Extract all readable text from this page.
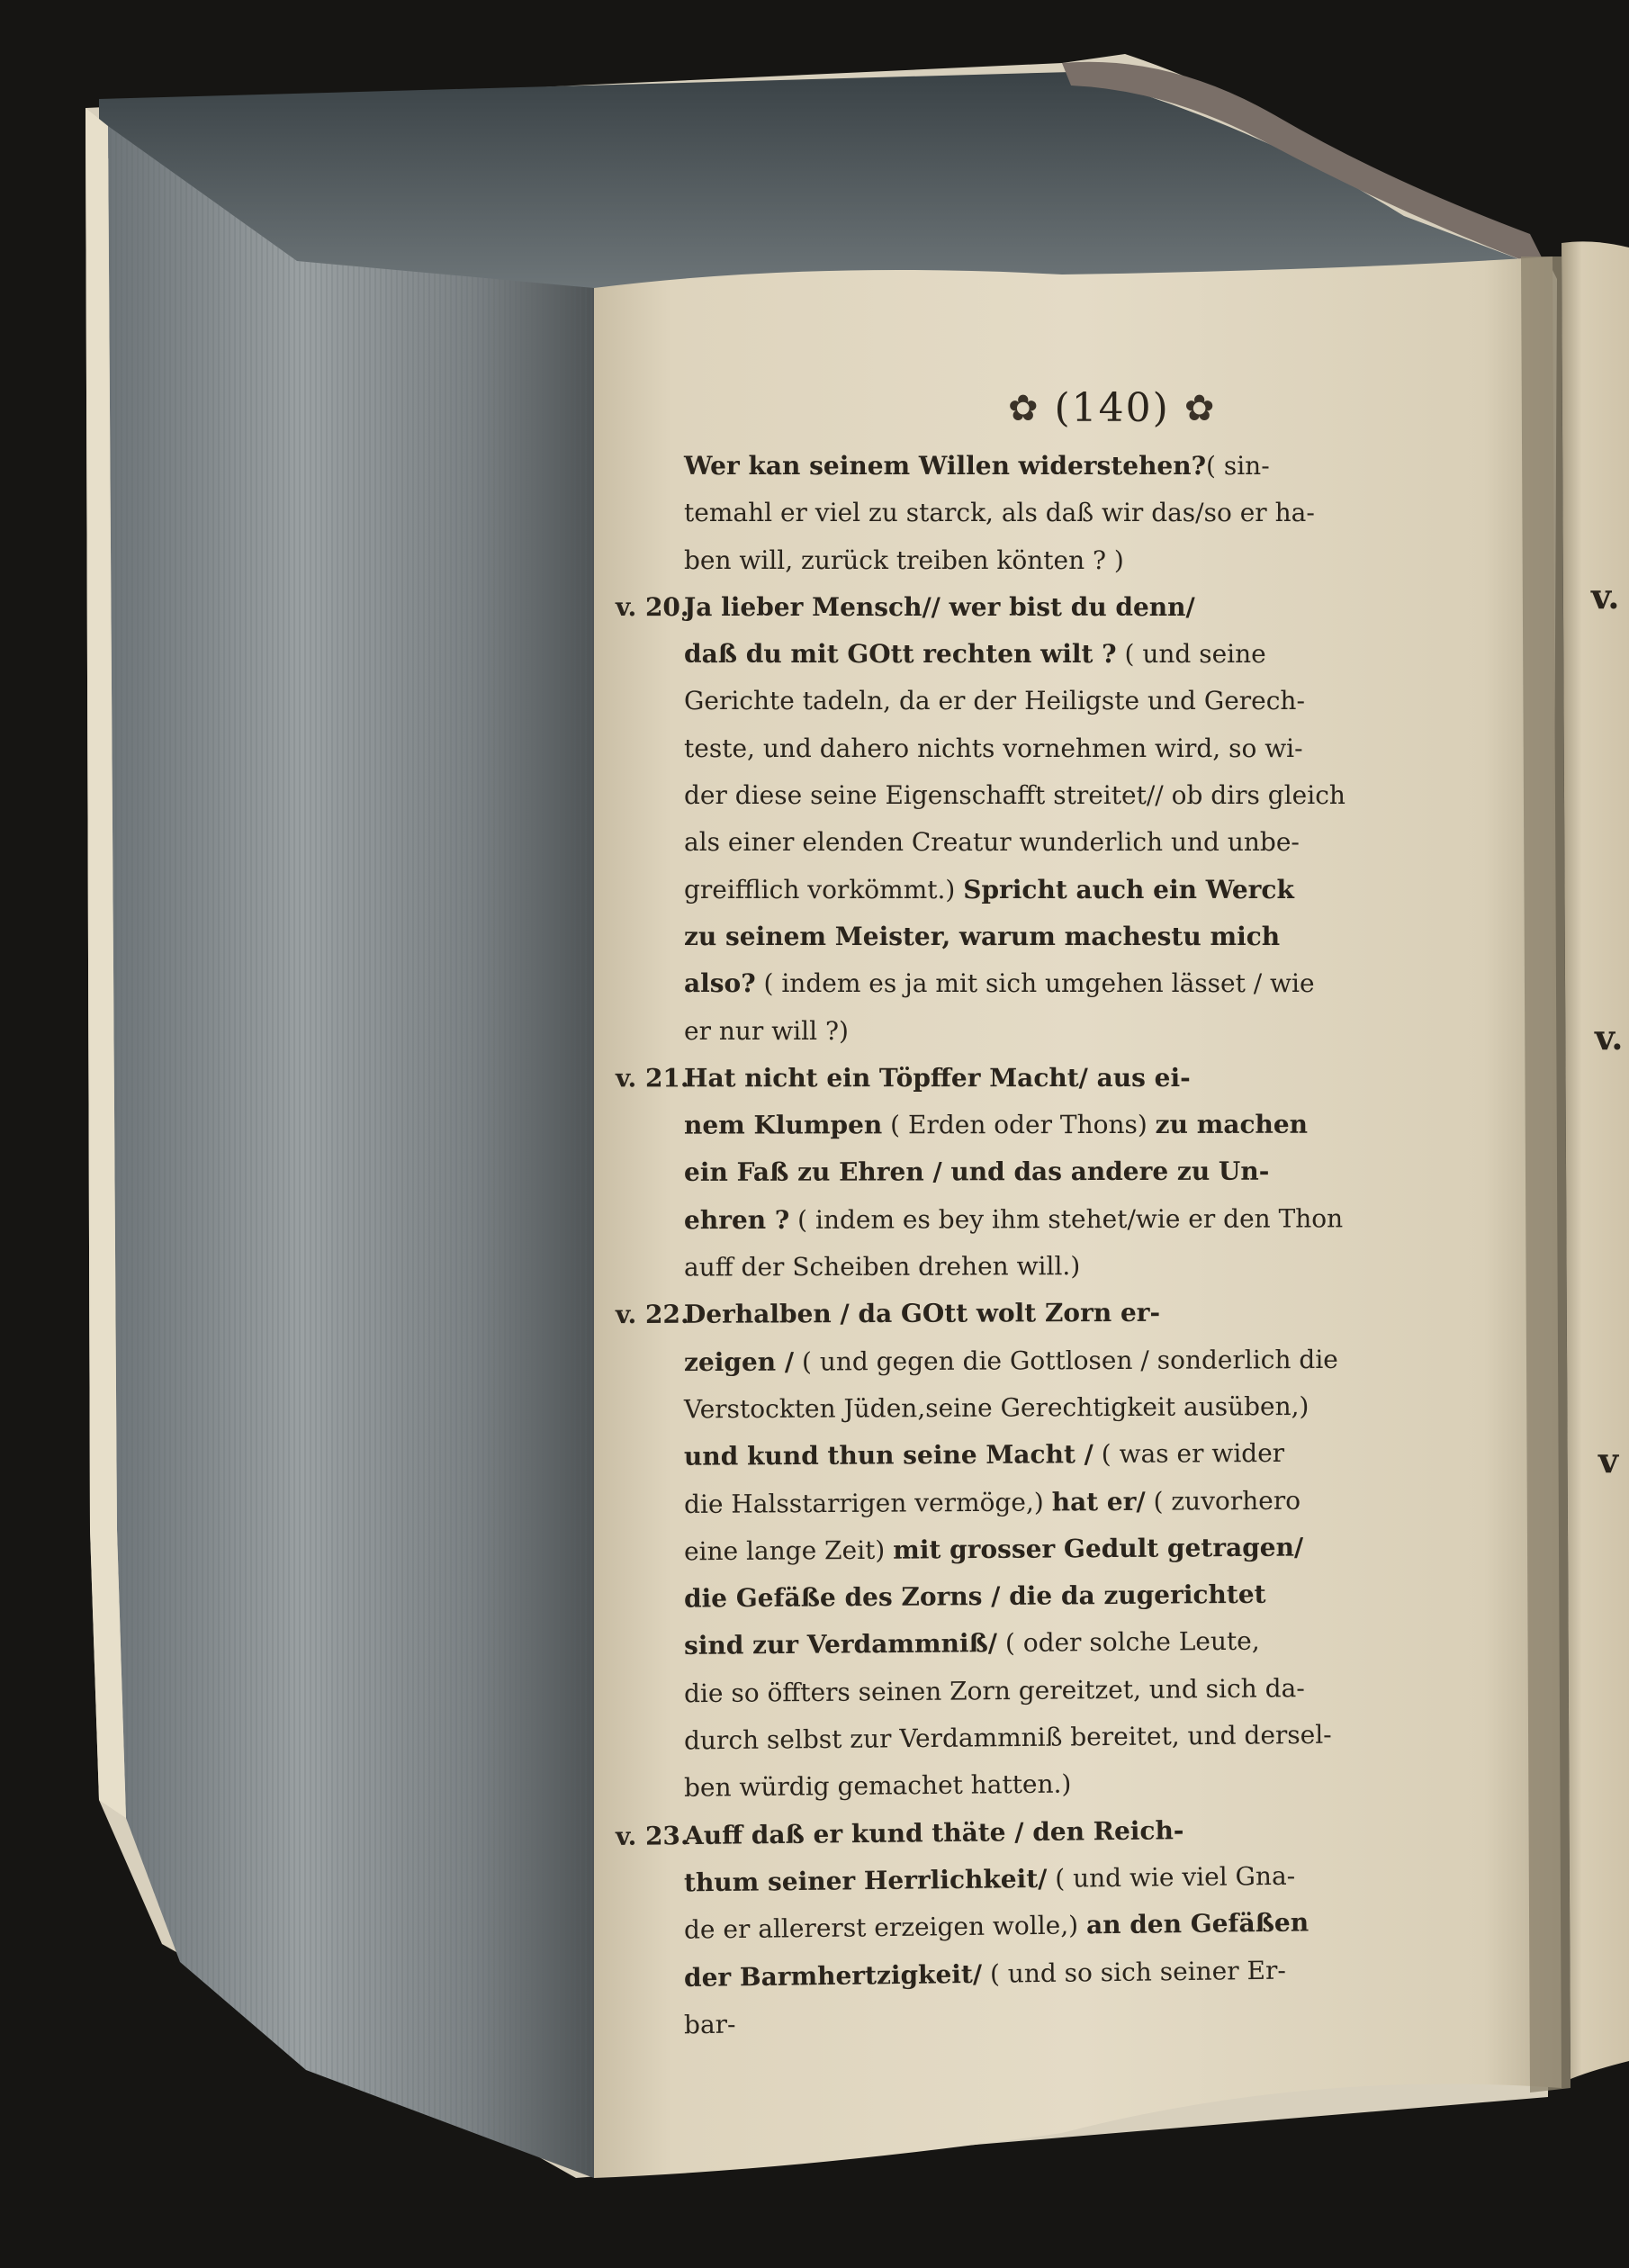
✿ (140) ✿
Wer kan seinem Willen widerstehen?( sin-
temahl er viel zu starck, als daß wir das/so er ha-
ben will, zurück treiben könten ? )
v. 20.
Ja lieber Mensch// wer bist du denn/
daß du mit GOtt rechten wilt ? ( und seine
Gerichte tadeln, da er der Heiligste und Gerech-
teste, und dahero nichts vornehmen wird, so wi-
der diese seine Eigenschafft streitet// ob dirs gleich
als einer elenden Creatur wunderlich und unbe-
greifflich vorkömmt.) Spricht auch ein Werck
zu seinem Meister, warum machestu mich
also? ( indem es ja mit sich umgehen lässet / wie
er nur will ?)
v. 21.
Hat nicht ein Töpffer Macht/ aus ei-
nem Klumpen ( Erden oder Thons) zu machen
ein Faß zu Ehren / und das andere zu Un-
ehren ? ( indem es bey ihm stehet/wie er den Thon
auff der Scheiben drehen will.)
v. 22.
Derhalben / da GOtt wolt Zorn er-
zeigen / ( und gegen die Gottlosen / sonderlich die
Verstockten Jüden,seine Gerechtigkeit ausüben,)
und kund thun seine Macht / ( was er wider
die Halsstarrigen vermöge,) hat er/ ( zuvorhero
eine lange Zeit) mit grosser Gedult getragen/
die Gefäße des Zorns / die da zugerichtet
sind zur Verdammniß/ ( oder solche Leute,
die so öffters seinen Zorn gereitzet, und sich da-
durch selbst zur Verdammniß bereitet, und dersel-
ben würdig gemachet hatten.)
v. 23.
Auff daß er kund thäte / den Reich-
thum seiner Herrlichkeit/ ( und wie viel Gna-
de er allererst erzeigen wolle,) an den Gefäßen
der Barmhertzigkeit/ ( und so sich seiner Er-
bar-
v.
v.
v
